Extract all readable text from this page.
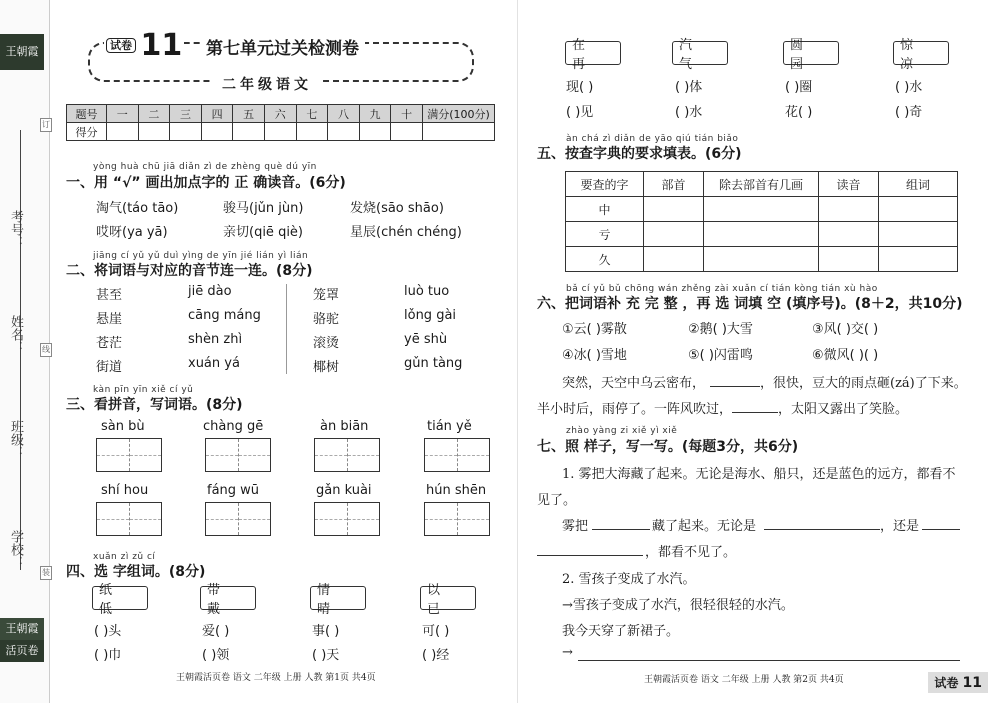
王朝霞
考号：
姓名：
班级：
学校：
订
线
装
王朝霞
活页卷
试卷 11	第七单元过关检测卷
二年级语文
题号	一	二	三	四	五	六	七	八	九	十	满分(100分)
得分											
yòng huà chū jiā diǎn zì de zhèng què dú yīn
一、用 “√” 画出加点字的 正 确读音。(6分)
淘气(táo tāo)	骏马(jǔn jùn)	发烧(sāo shāo)
哎呀(ya yā)	亲切(qiē qiè)	星辰(chén chéng)
jiāng cí yǔ yǔ duì yìng de yīn jié lián yì lián
二、将词语与对应的音节连一连。(8分)
甚至
悬崖
苍茫
街道
jiē dào
cāng máng
shèn zhì
xuán yá
笼罩
骆驼
滚烫
椰树
luò tuo
lǒng gài
yē shù
gǔn tàng
kàn pīn yīn xiě cí yǔ
三、看拼音，写词语。(8分)
sàn bù	chàng gē	àn biān	tián yě
shí hou	fáng wū	gǎn kuài	hún shēn
xuǎn zì zǔ cí
四、选 字组词。(8分)
纸 低
带 戴
情 晴
以 已
( )头	爱( )	事( )	可( )
( )巾	( )领	( )天	( )经
王朝霞活页卷 语文 二年级 上册 人教 第1页 共4页
在 再
汽 气
圆 园
惊 凉
现( )	( )体	( )圈	( )水
( )见	( )水	花( )	( )奇
àn chá zì diǎn de yāo qiú tián biǎo
五、按查字典的要求填表。(6分)
要查的字	部首	除去部首有几画	读音	组词
中				
亏				
久				
bǎ cí yǔ bǔ chōng wán zhěng zài xuǎn cí tián kòng tián xù hào
六、把词语补 充 完 整 ，再 选 词填 空 (填序号)。(8＋2，共10分)
①云( )雾散	②鹅( )大雪	③风( )交( )
④冰( )雪地	⑤( )闪雷鸣	⑥微风( )( )
突然，天空中乌云密布，	，很快，豆大的雨点砸(zá)了下来。
半小时后，雨停了。一阵风吹过，	，太阳又露出了笑脸。
zhào yàng zi xiě yì xiě
七、照 样子，写一写。(每题3分，共6分)
1. 雾把大海藏了起来。无论是海水、船只，还是蓝色的远方，都看不
见了。
雾把	藏了起来。无论是	，还是
，都看不见了。
2. 雪孩子变成了水汽。
→雪孩子变成了水汽，很轻很轻的水汽。
我今天穿了新裙子。
→
王朝霞活页卷 语文 二年级 上册 人教 第2页 共4页	试卷 11
